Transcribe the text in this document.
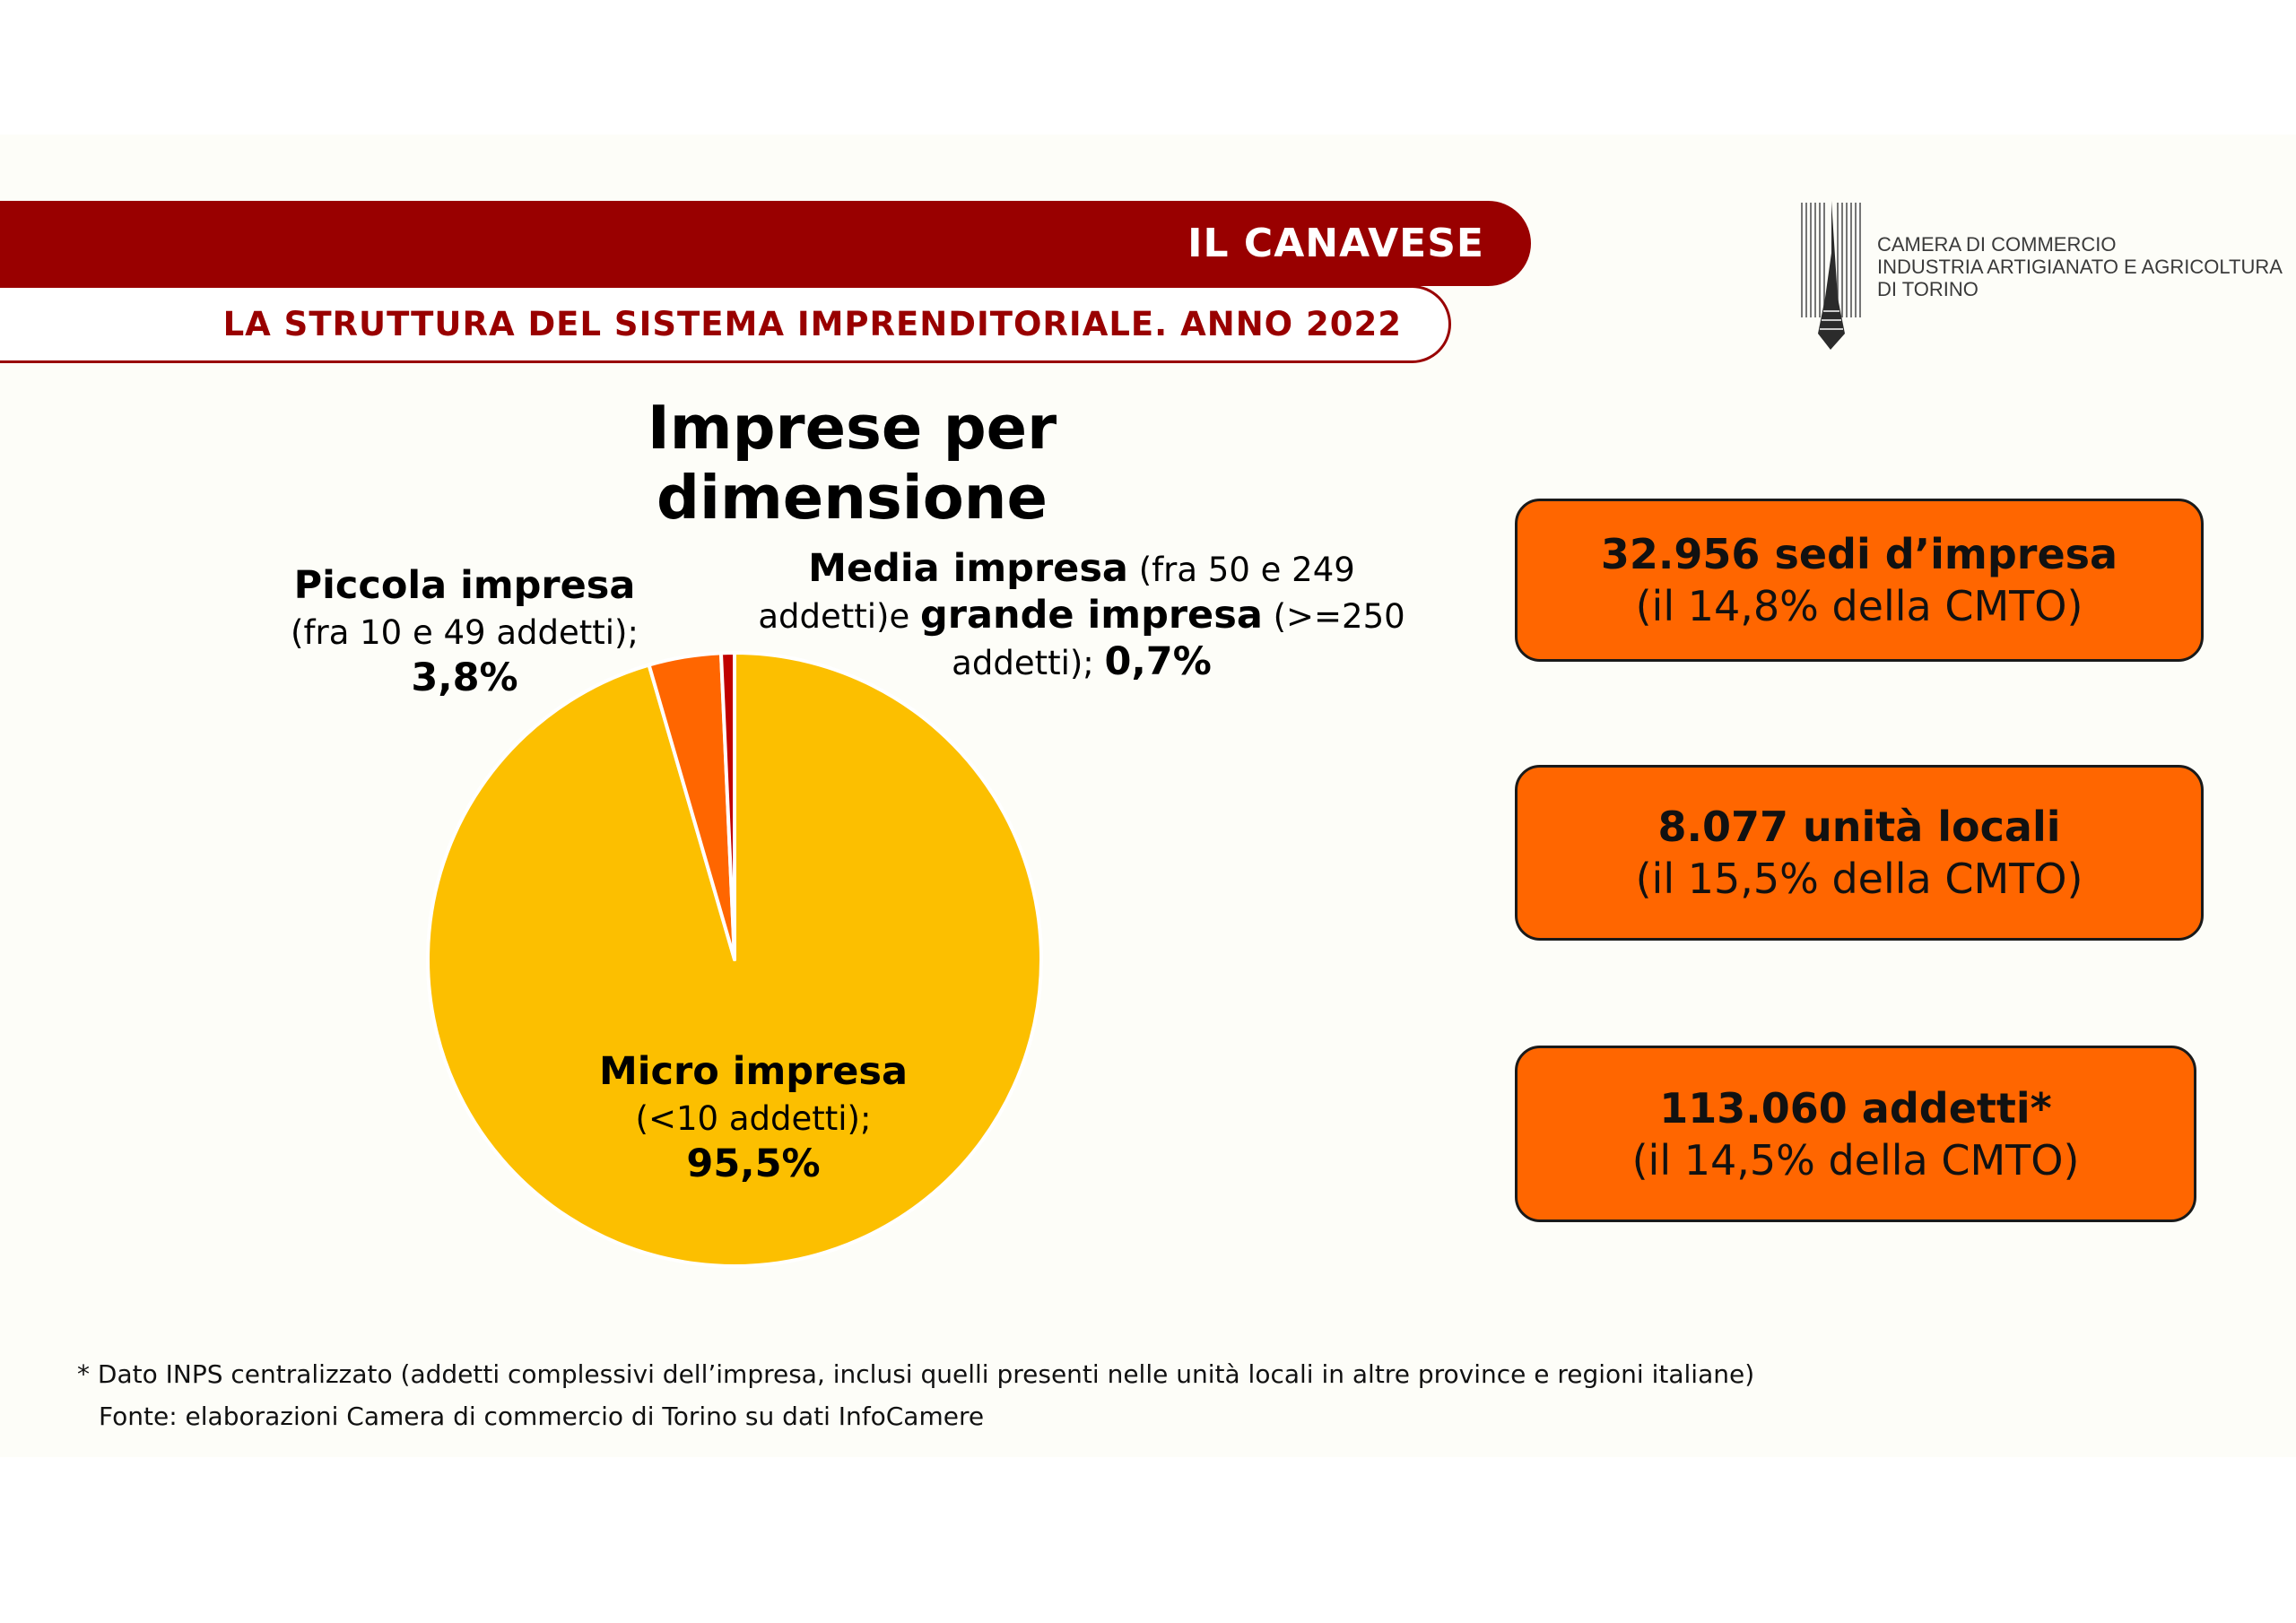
IL CANAVESE
LA STRUTTURA DEL SISTEMA IMPRENDITORIALE. ANNO 2022
CAMERA DI COMMERCIO
INDUSTRIA ARTIGIANATO E AGRICOLTURA
DI TORINO
Imprese per dimensione
Piccola impresa
(fra 10 e 49 addetti);
3,8%
Media impresa (fra 50 e 249 addetti)e grande impresa (>=250 addetti); 0,7%
Micro impresa
(<10 addetti);
95,5%
32.956 sedi d’impresa
(il 14,8% della CMTO)
8.077 unità locali
(il 15,5% della CMTO)
113.060 addetti*
(il 14,5% della CMTO)
* Dato INPS centralizzato (addetti complessivi dell’impresa, inclusi quelli presenti nelle unità locali in altre province e regioni italiane)
Fonte: elaborazioni Camera di commercio di Torino su dati InfoCamere
